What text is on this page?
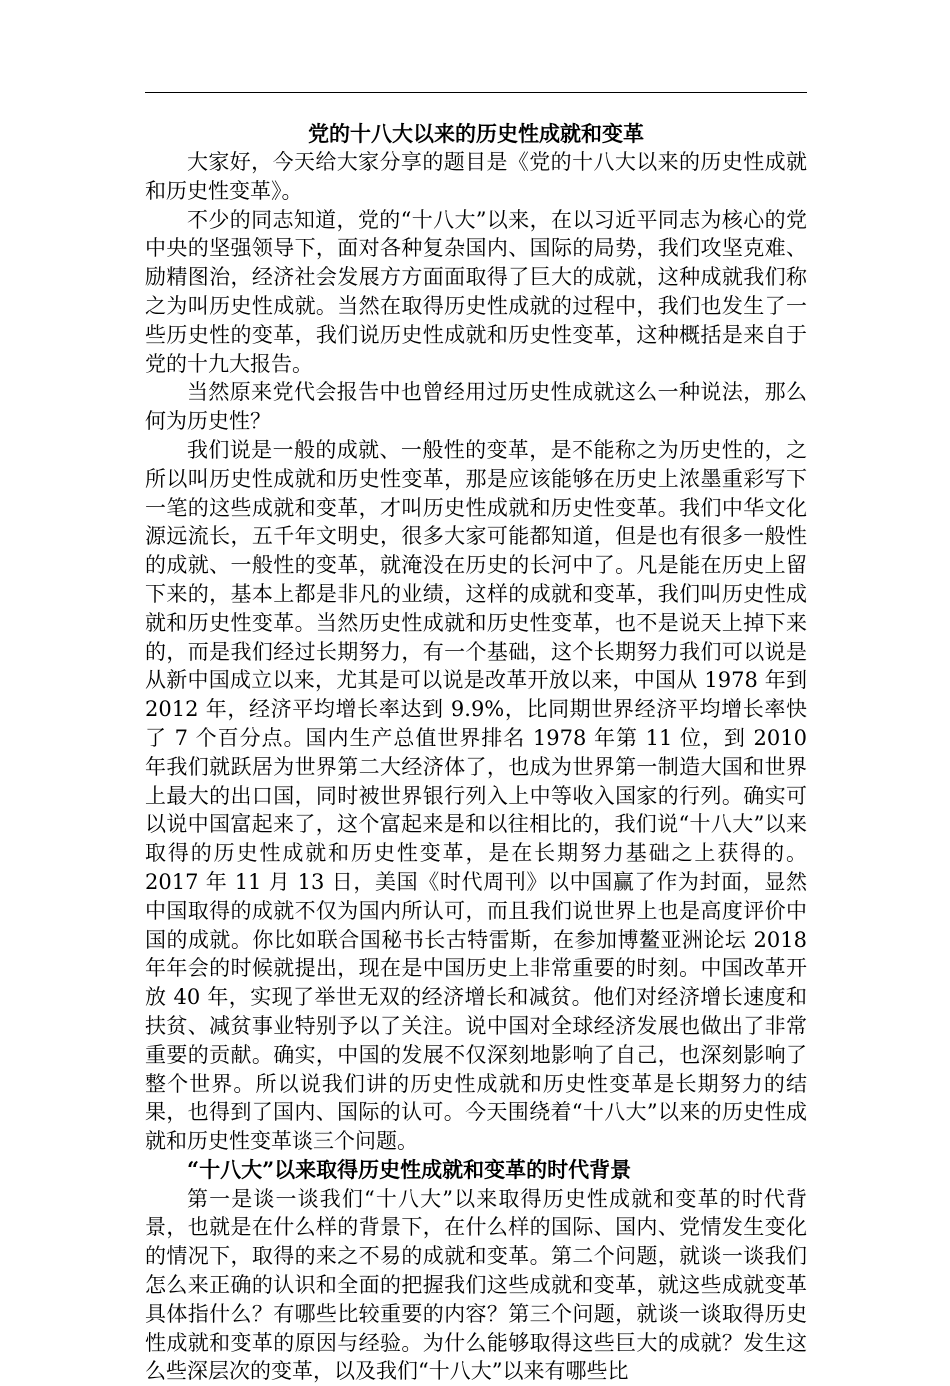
党的十八大以来的历史性成就和变革

大家好，今天给大家分享的题目是《党的十八大以来的历史性成就和历史性变革》。

不少的同志知道，党的“十八大”以来，在以习近平同志为核心的党中央的坚强领导下，面对各种复杂国内、国际的局势，我们攻坚克难、励精图治，经济社会发展方方面面取得了巨大的成就，这种成就我们称之为叫历史性成就。当然在取得历史性成就的过程中，我们也发生了一些历史性的变革，我们说历史性成就和历史性变革，这种概括是来自于党的十九大报告。

当然原来党代会报告中也曾经用过历史性成就这么一种说法，那么何为历史性？

我们说是一般的成就、一般性的变革，是不能称之为历史性的，之所以叫历史性成就和历史性变革，那是应该能够在历史上浓墨重彩写下一笔的这些成就和变革，才叫历史性成就和历史性变革。我们中华文化源远流长，五千年文明史，很多大家可能都知道，但是也有很多一般性的成就、一般性的变革，就淹没在历史的长河中了。凡是能在历史上留下来的，基本上都是非凡的业绩，这样的成就和变革，我们叫历史性成就和历史性变革。当然历史性成就和历史性变革，也不是说天上掉下来的，而是我们经过长期努力，有一个基础，这个长期努力我们可以说是从新中国成立以来，尤其是可以说是改革开放以来，中国从 1978 年到 2012 年，经济平均增长率达到 9.9%，比同期世界经济平均增长率快了 7 个百分点。国内生产总值世界排名 1978 年第 11 位，到 2010 年我们就跃居为世界第二大经济体了，也成为世界第一制造大国和世界上最大的出口国，同时被世界银行列入上中等收入国家的行列。确实可以说中国富起来了，这个富起来是和以往相比的，我们说“十八大”以来取得的历史性成就和历史性变革，是在长期努力基础之上获得的。2017 年 11 月 13 日，美国《时代周刊》以中国赢了作为封面，显然中国取得的成就不仅为国内所认可，而且我们说世界上也是高度评价中国的成就。你比如联合国秘书长古特雷斯，在参加博鳌亚洲论坛 2018 年年会的时候就提出，现在是中国历史上非常重要的时刻。中国改革开放 40 年，实现了举世无双的经济增长和减贫。他们对经济增长速度和扶贫、减贫事业特别予以了关注。说中国对全球经济发展也做出了非常重要的贡献。确实，中国的发展不仅深刻地影响了自己，也深刻影响了整个世界。所以说我们讲的历史性成就和历史性变革是长期努力的结果，也得到了国内、国际的认可。今天围绕着“十八大”以来的历史性成就和历史性变革谈三个问题。

“十八大”以来取得历史性成就和变革的时代背景

第一是谈一谈我们“十八大”以来取得历史性成就和变革的时代背景，也就是在什么样的背景下，在什么样的国际、国内、党情发生变化的情况下，取得的来之不易的成就和变革。第二个问题，就谈一谈我们怎么来正确的认识和全面的把握我们这些成就和变革，就这些成就变革具体指什么？有哪些比较重要的内容？第三个问题，就谈一谈取得历史性成就和变革的原因与经验。为什么能够取得这些巨大的成就？发生这么些深层次的变革，以及我们“十八大”以来有哪些比
